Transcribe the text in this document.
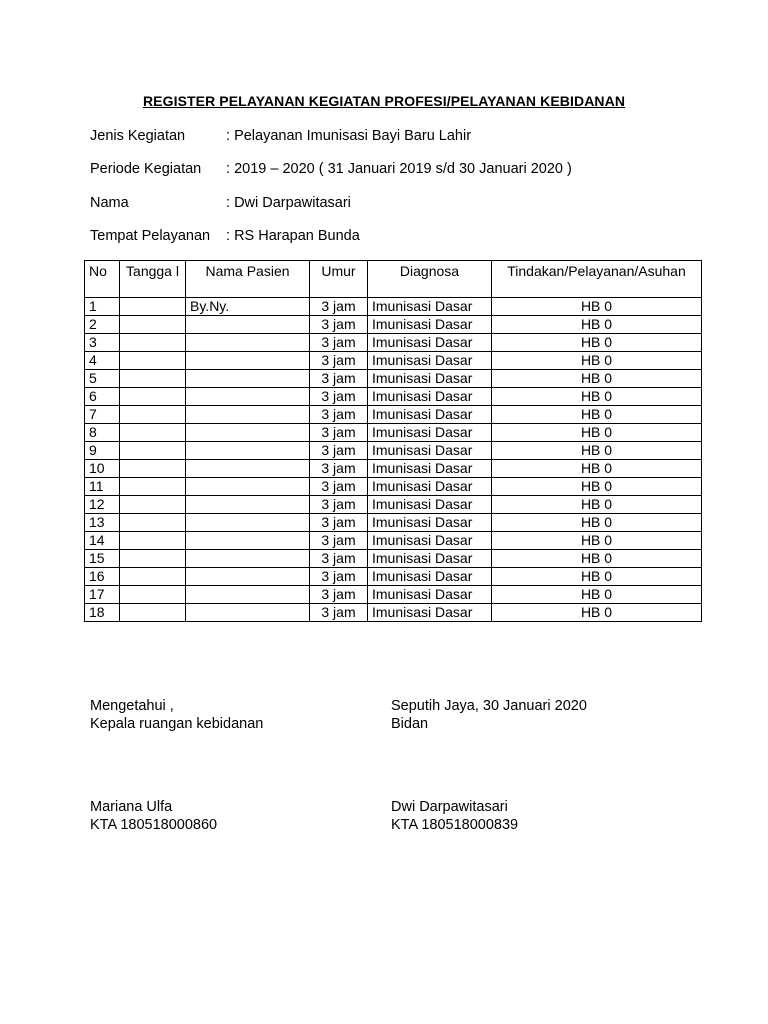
REGISTER PELAYANAN KEGIATAN PROFESI/PELAYANAN KEBIDANAN
Jenis Kegiatan	: Pelayanan Imunisasi Bayi Baru Lahir
Periode Kegiatan : 2019 – 2020 ( 31 Januari 2019 s/d 30 Januari 2020 )
Nama	: Dwi Darpawitasari
Tempat Pelayanan : RS Harapan Bunda
No	Tangga l	Nama Pasien	Umur	Diagnosa	Tindakan/Pelayanan/Asuhan
1		By.Ny.	3 jam	Imunisasi Dasar	HB 0
2			3 jam	Imunisasi Dasar	HB 0
3			3 jam	Imunisasi Dasar	HB 0
4			3 jam	Imunisasi Dasar	HB 0
5			3 jam	Imunisasi Dasar	HB 0
6			3 jam	Imunisasi Dasar	HB 0
7			3 jam	Imunisasi Dasar	HB 0
8			3 jam	Imunisasi Dasar	HB 0
9			3 jam	Imunisasi Dasar	HB 0
10			3 jam	Imunisasi Dasar	HB 0
11			3 jam	Imunisasi Dasar	HB 0
12			3 jam	Imunisasi Dasar	HB 0
13			3 jam	Imunisasi Dasar	HB 0
14			3 jam	Imunisasi Dasar	HB 0
15			3 jam	Imunisasi Dasar	HB 0
16			3 jam	Imunisasi Dasar	HB 0
17			3 jam	Imunisasi Dasar	HB 0
18			3 jam	Imunisasi Dasar	HB 0
Mengetahui ,
Kepala ruangan kebidanan
Seputih Jaya, 30 Januari 2020
Bidan
Mariana Ulfa
KTA 180518000860
Dwi Darpawitasari
KTA 180518000839
